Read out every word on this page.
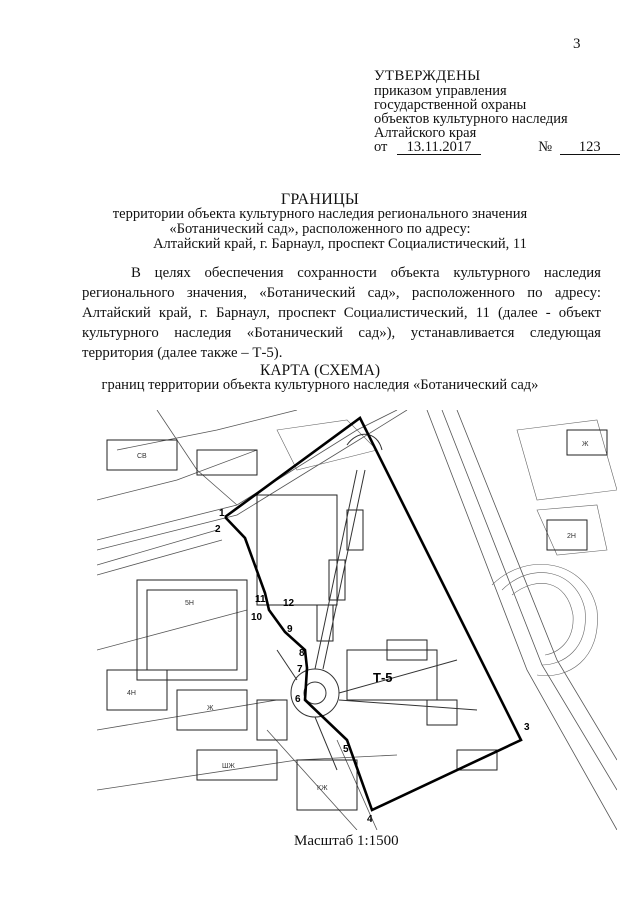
3
УТВЕРЖДЕНЫ
приказом управления
государственной охраны
объектов культурного наследия
Алтайского края
от 13.11.2017	№ 123
ГРАНИЦЫ
территории объекта культурного наследия регионального значения
«Ботанический сад», расположенного по адресу:
Алтайский край, г. Барнаул, проспект Социалистический, 11

В целях обеспечения сохранности объекта культурного наследия регионального значения, «Ботанический сад», расположенного по адресу: Алтайский край, г. Барнаул, проспект Социалистический, 11 (далее - объект культурного наследия «Ботанический сад»), устанавливается следующая территория (далее также – Т-5).

КАРТА (СХЕМА)
границ территории объекта культурного наследия «Ботанический сад»
1
2
3
4
5
6
7
8
9
10
11 12
Т-5
5Н
4Н
Ж
КЖ
ШЖ
СВ
2Н
Ж
Масштаб 1:1500
